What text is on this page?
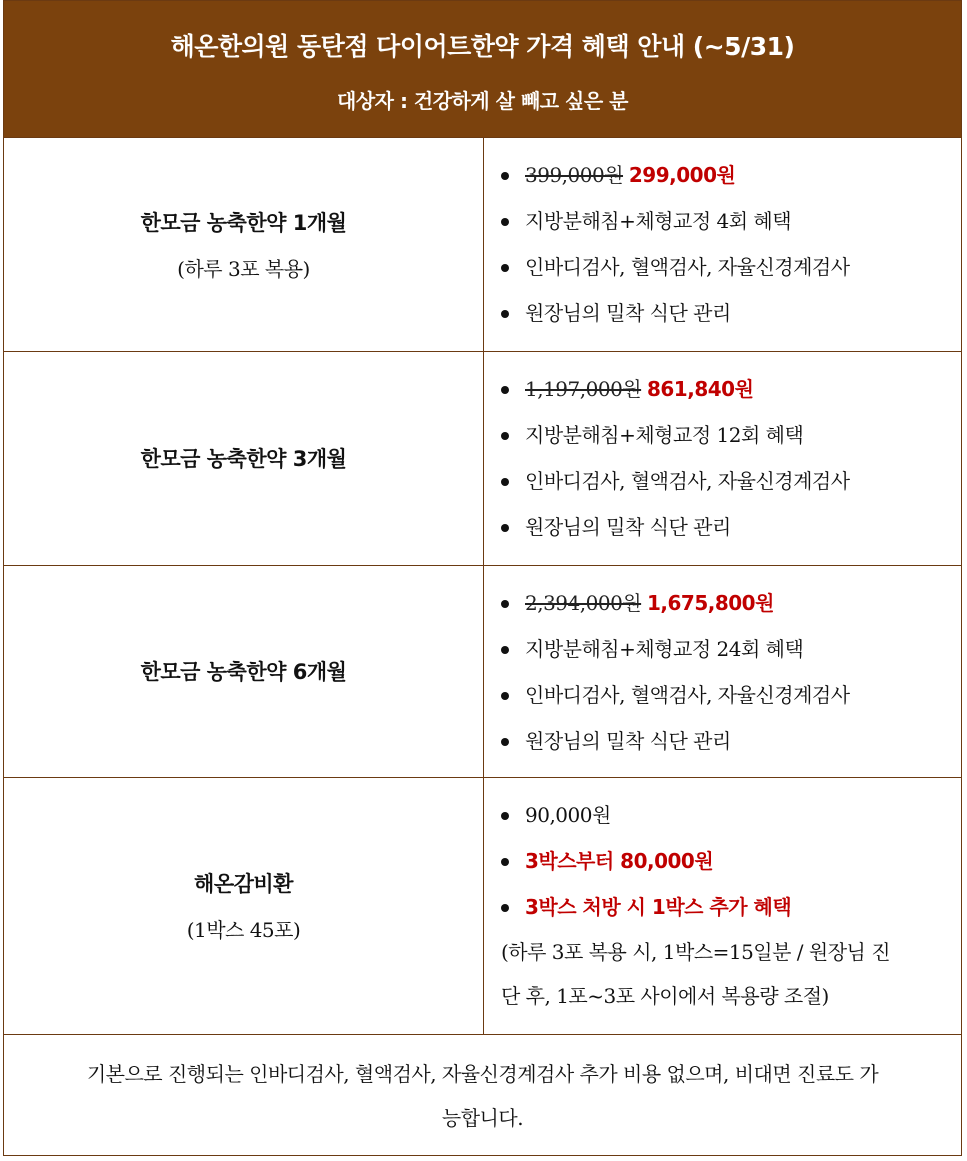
해온한의원 동탄점 다이어트한약 가격 혜택 안내 (~5/31)
대상자 : 건강하게 살 빼고 싶은 분
한모금 농축한약 1개월
(하루 3포 복용)
399,000원 299,000원
지방분해침+체형교정 4회 혜택
인바디검사, 혈액검사, 자율신경계검사
원장님의 밀착 식단 관리
한모금 농축한약 3개월
1,197,000원 861,840원
지방분해침+체형교정 12회 혜택
인바디검사, 혈액검사, 자율신경계검사
원장님의 밀착 식단 관리
한모금 농축한약 6개월
2,394,000원 1,675,800원
지방분해침+체형교정 24회 혜택
인바디검사, 혈액검사, 자율신경계검사
원장님의 밀착 식단 관리
해온감비환
(1박스 45포)
90,000원
3박스부터 80,000원
3박스 처방 시 1박스 추가 혜택
(하루 3포 복용 시, 1박스=15일분 / 원장님 진
단 후, 1포~3포 사이에서 복용량 조절)
기본으로 진행되는 인바디검사, 혈액검사, 자율신경계검사 추가 비용 없으며, 비대면 진료도 가
능합니다.
